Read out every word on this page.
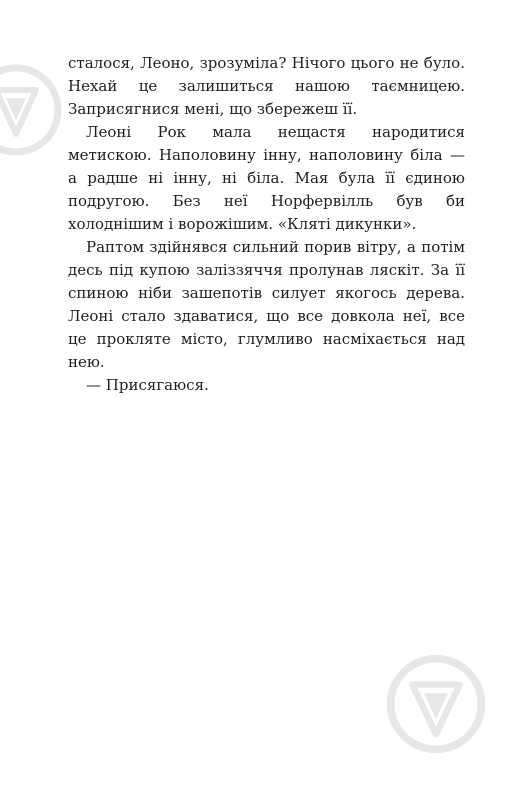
сталося, Леоно, зрозуміла? Нічого цього не було. Нехай це залишиться нашою таємницею. Заприсягнися мені, що збережеш її.

Леоні Рок мала нещастя народитися метискою. Наполовину інну, наполовину біла — а радше ні інну, ні біла. Мая була її єдиною подругою. Без неї Норфервілль був би холоднішим і ворожішим. «Кляті дикунки».

Раптом здійнявся сильний порив вітру, а потім десь під купою заліззяччя пролунав ляскіт. За її спиною ніби зашепотів силует якогось дерева. Леоні стало здаватися, що все довкола неї, все це прокляте місто, глумливо насміхається над нею.

— Присягаюся.
